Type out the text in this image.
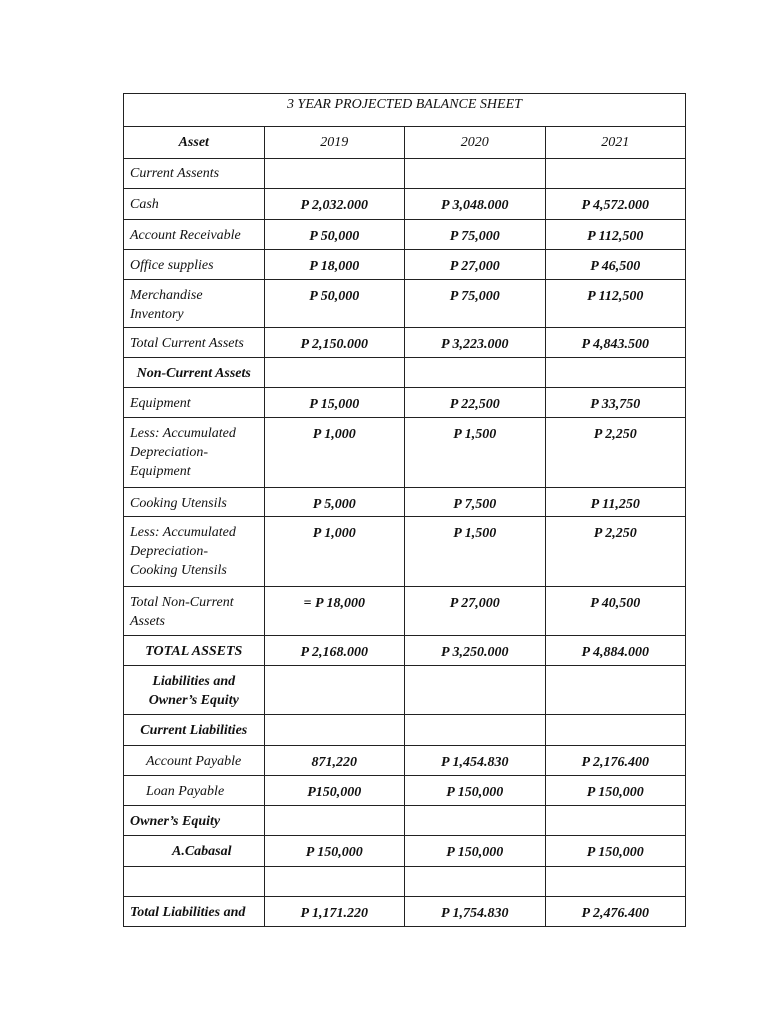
3 YEAR PROJECTED BALANCE SHEET			
Asset	2019	2020	2021
Current Assents			
Cash	P 2,032.000	P 3,048.000	P 4,572.000
Account Receivable	P 50,000	P 75,000	P 112,500
Office supplies	P 18,000	P 27,000	P 46,500
Merchandise Inventory	P 50,000	P 75,000	P 112,500
Total Current Assets	P 2,150.000	P 3,223.000	P 4,843.500
Non-Current Assets			
Equipment	P 15,000	P 22,500	P 33,750
Less: Accumulated Depreciation- Equipment	P 1,000	P 1,500	P 2,250
Cooking Utensils	P 5,000	P 7,500	P 11,250
Less: Accumulated Depreciation- Cooking Utensils	P 1,000	P 1,500	P 2,250
Total Non-Current Assets	= P 18,000	P 27,000	P 40,500
TOTAL ASSETS	P 2,168.000	P 3,250.000	P 4,884.000
Liabilities and Owner’s Equity			
Current Liabilities			
Account Payable	871,220	P 1,454.830	P 2,176.400
Loan Payable	P150,000	P 150,000	P 150,000
Owner’s Equity			
A.Cabasal	P 150,000	P 150,000	P 150,000

Total Liabilities and	P 1,171.220	P 1,754.830	P 2,476.400
